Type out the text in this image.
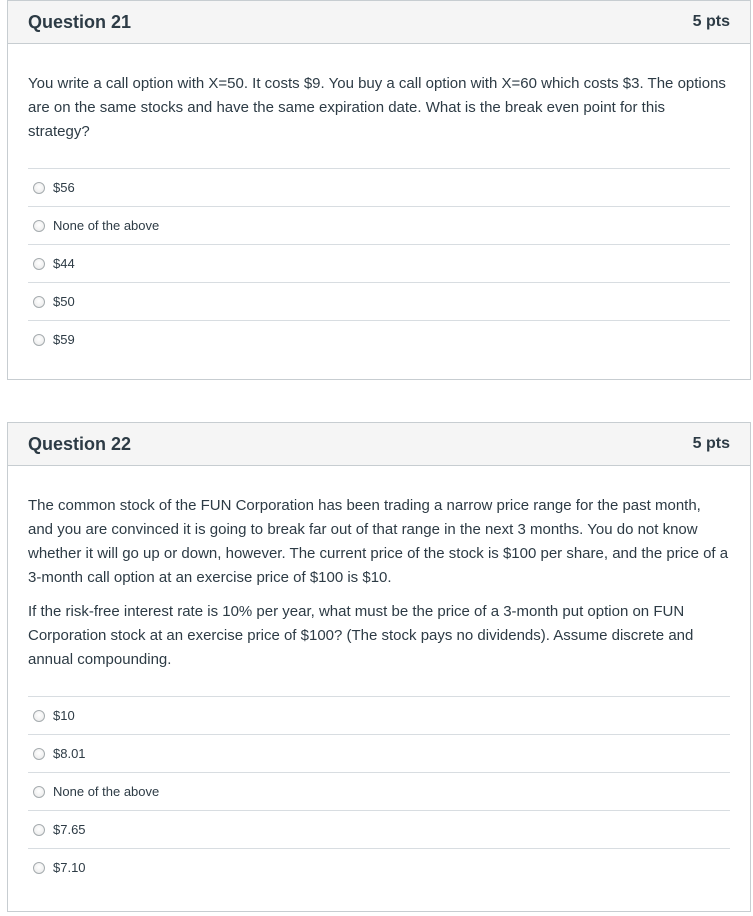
Question 21	5 pts

You write a call option with X=50. It costs $9. You buy a call option with X=60 which costs $3. The options are on the same stocks and have the same expiration date. What is the break even point for this strategy?

$56
None of the above
$44
$50
$59
Question 22	5 pts

The common stock of the FUN Corporation has been trading a narrow price range for the past month, and you are convinced it is going to break far out of that range in the next 3 months. You do not know whether it will go up or down, however. The current price of the stock is $100 per share, and the price of a 3-month call option at an exercise price of $100 is $10.

If the risk-free interest rate is 10% per year, what must be the price of a 3-month put option on FUN Corporation stock at an exercise price of $100? (The stock pays no dividends). Assume discrete and annual compounding.

$10
$8.01
None of the above
$7.65
$7.10
